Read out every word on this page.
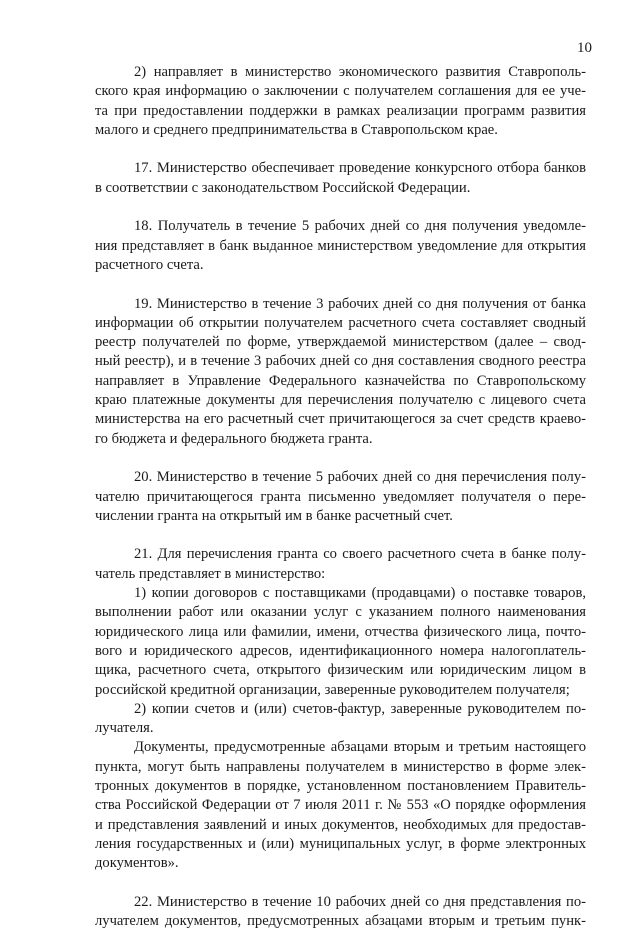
10
2) направляет в министерство экономического развития Ставрополь-
ского края информацию о заключении с получателем соглашения для ее уче-
та при предоставлении поддержки в рамках реализации программ развития
малого и среднего предпринимательства в Ставропольском крае.
17. Министерство обеспечивает проведение конкурсного отбора банков
в соответствии с законодательством Российской Федерации.
18. Получатель в течение 5 рабочих дней со дня получения уведомле-
ния представляет в банк выданное министерством уведомление для открытия
расчетного счета.
19. Министерство в течение 3 рабочих дней со дня получения от банка
информации об открытии получателем расчетного счета составляет сводный
реестр получателей по форме, утверждаемой министерством (далее – свод-
ный реестр), и в течение 3 рабочих дней со дня составления сводного реестра
направляет в Управление Федерального казначейства по Ставропольскому
краю платежные документы для перечисления получателю с лицевого счета
министерства на его расчетный счет причитающегося за счет средств краево-
го бюджета и федерального бюджета гранта.
20. Министерство в течение 5 рабочих дней со дня перечисления полу-
чателю причитающегося гранта письменно уведомляет получателя о пере-
числении гранта на открытый им в банке расчетный счет.
21. Для перечисления гранта со своего расчетного счета в банке полу-
чатель представляет в министерство:
1) копии договоров с поставщиками (продавцами) о поставке товаров,
выполнении работ или оказании услуг с указанием полного наименования
юридического лица или фамилии, имени, отчества физического лица, почто-
вого и юридического адресов, идентификационного номера налогоплатель-
щика, расчетного счета, открытого физическим или юридическим лицом в
российской кредитной организации, заверенные руководителем получателя;
2) копии счетов и (или) счетов-фактур, заверенные руководителем по-
лучателя.
Документы, предусмотренные абзацами вторым и третьим настоящего
пункта, могут быть направлены получателем в министерство в форме элек-
тронных документов в порядке, установленном постановлением Правитель-
ства Российской Федерации от 7 июля 2011 г. № 553 «О порядке оформления
и представления заявлений и иных документов, необходимых для предостав-
ления государственных и (или) муниципальных услуг, в форме электронных
документов».
22. Министерство в течение 10 рабочих дней со дня представления по-
лучателем документов, предусмотренных абзацами вторым и третьим пунк-
